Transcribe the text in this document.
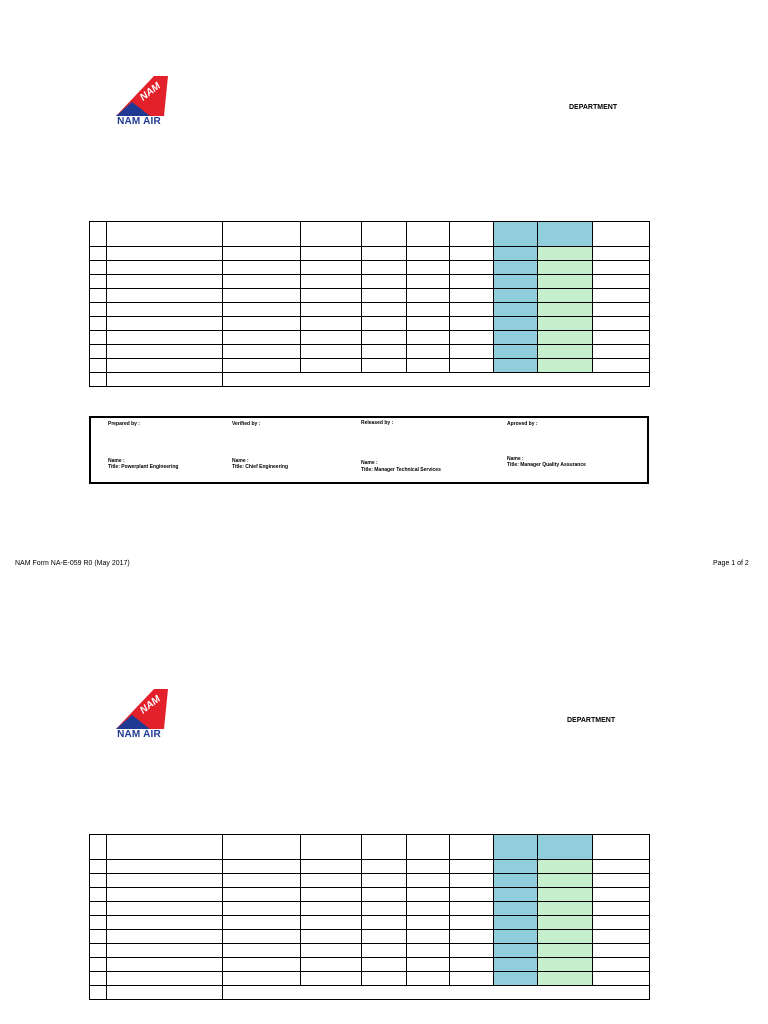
NAM
NAM AIR
DEPARTMENT

Prepared by :
Name :
Title: Powerplant Engineering
Verified by :
Name :
Title: Chief Engineering
Released by :
Name :
Title: Manager Technical Services
Aproved by :
Name :
Title: Manager Quality Assurance
NAM Form NA-E-059 R0 (May 2017)	Page 1 of 2
NAM
NAM AIR
DEPARTMENT
